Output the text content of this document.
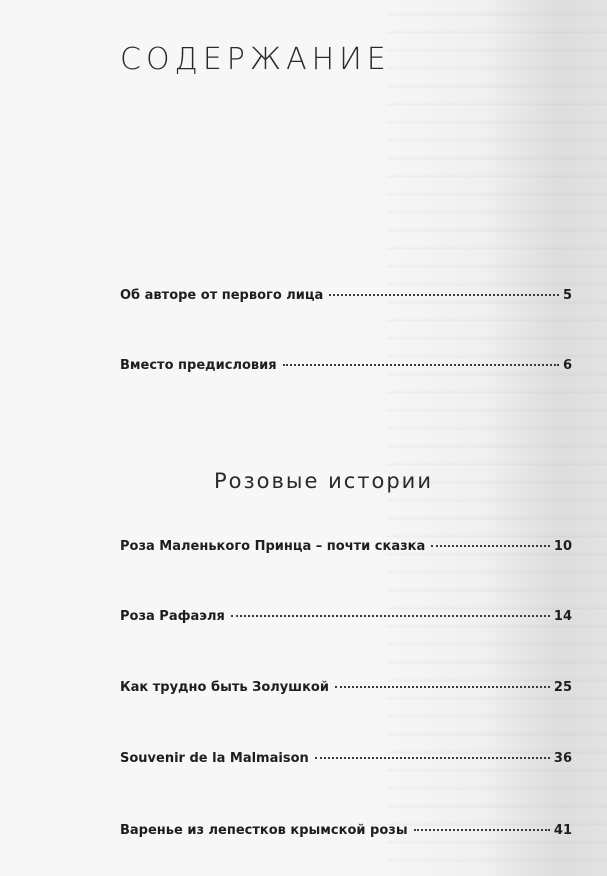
СОДЕРЖАНИЕ
Об авторе от первого лица	5
Вместо предисловия	6
Розовые истории
Роза Маленького Принца – почти сказка	10
Роза Рафаэля	14
Как трудно быть Золушкой	25
Souvenir de la Malmaison	36
Варенье из лепестков крымской розы	41
